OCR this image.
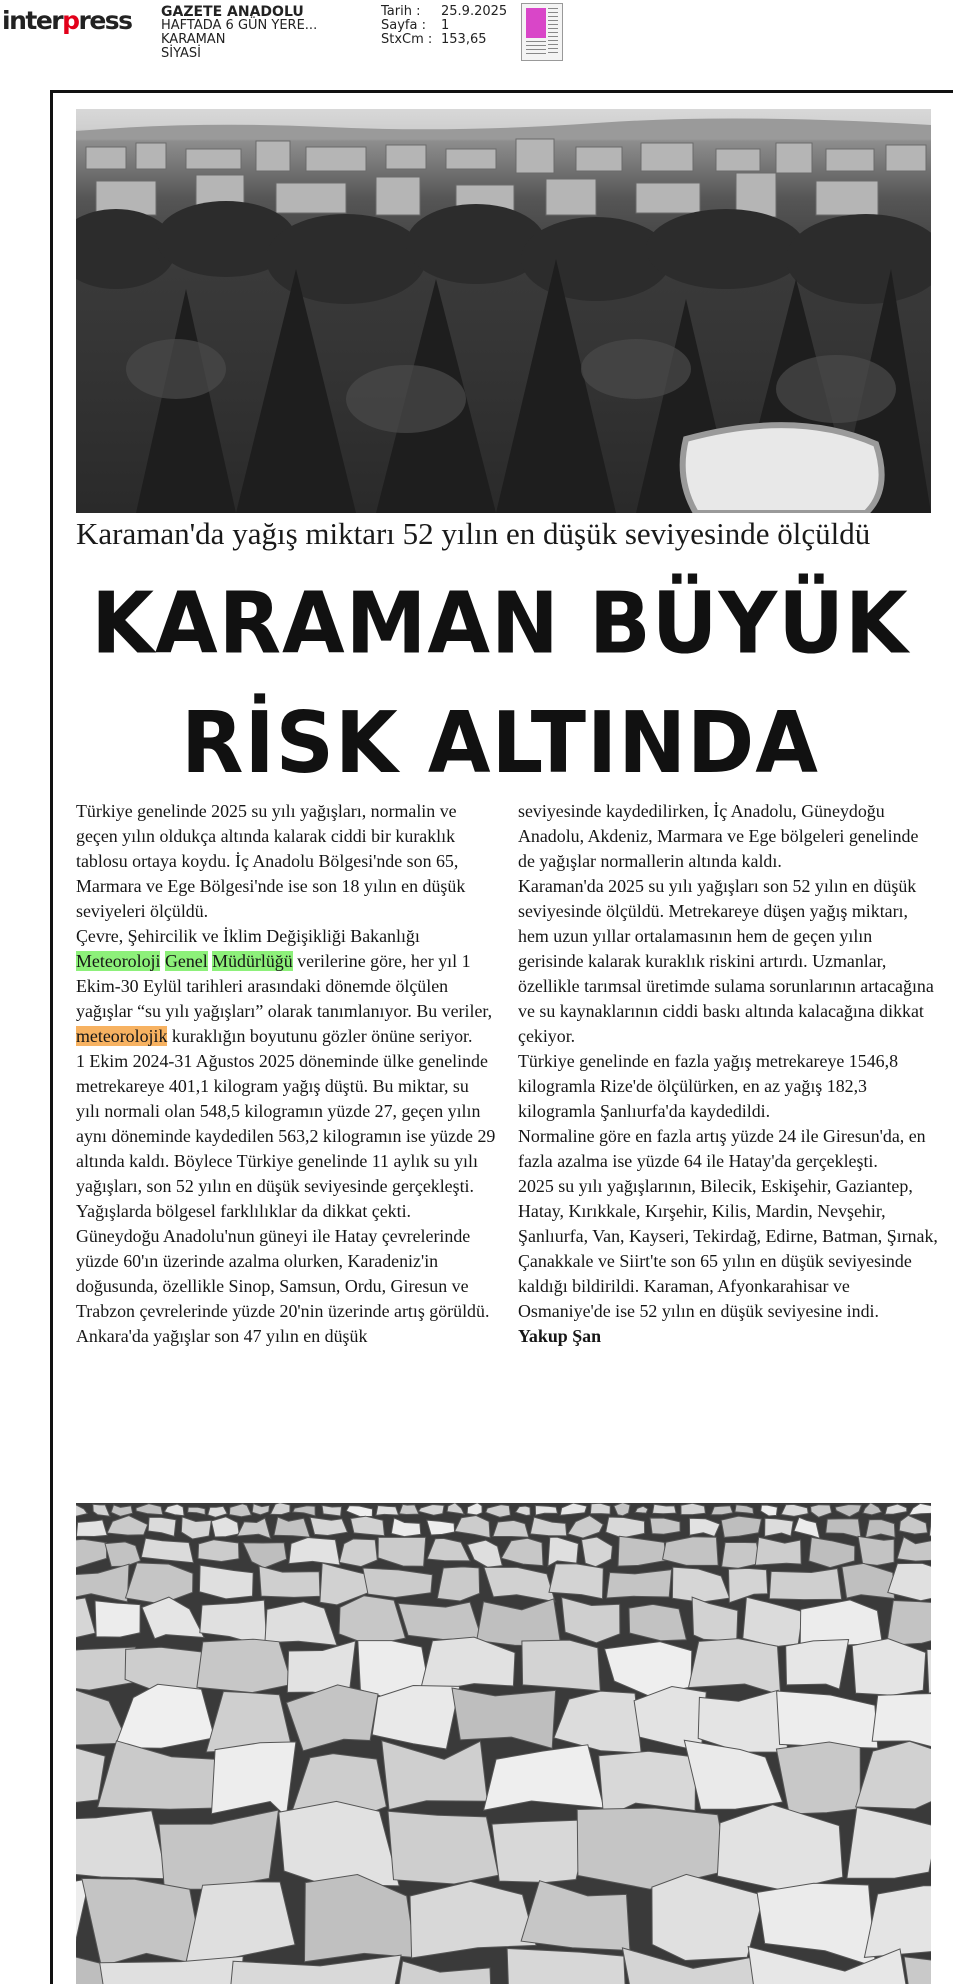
interpress GAZETE ANADOLU
HAFTADA 6 GÜN YERE...
KARAMAN
SİYASİ
Tarih : 25.9.2025
Sayfa : 1
StxCm : 153,65
Karaman'da yağış miktarı 52 yılın en düşük seviyesinde ölçüldü
KARAMAN BÜYÜK
RİSK ALTINDA

Türkiye genelinde 2025 su yılı yağışları, normalin ve geçen yılın oldukça altında kalarak ciddi bir kuraklık tablosu ortaya koydu. İç Anadolu Bölgesi'nde son 65, Marmara ve Ege Bölgesi'nde ise son 18 yılın en düşük seviyeleri ölçüldü.

Çevre, Şehircilik ve İklim Değişikliği Bakanlığı Meteoroloji Genel Müdürlüğü verilerine göre, her yıl 1 Ekim-30 Eylül tarihleri arasındaki dönemde ölçülen yağışlar “su yılı yağışları” olarak tanımlanıyor. Bu veriler, meteorolojik kuraklığın boyutunu gözler önüne seriyor.

1 Ekim 2024-31 Ağustos 2025 döneminde ülke genelinde metrekareye 401,1 kilogram yağış düştü. Bu miktar, su yılı normali olan 548,5 kilogramın yüzde 27, geçen yılın aynı döneminde kaydedilen 563,2 kilogramın ise yüzde 29 altında kaldı. Böylece Türkiye genelinde 11 aylık su yılı yağışları, son 52 yılın en düşük seviyesinde gerçekleşti.

Yağışlarda bölgesel farklılıklar da dikkat çekti. Güneydoğu Anadolu'nun güneyi ile Hatay çevrelerinde yüzde 60'ın üzerinde azalma olurken, Karadeniz'in doğusunda, özellikle Sinop, Samsun, Ordu, Giresun ve Trabzon çevrelerinde yüzde 20'nin üzerinde artış görüldü.

Ankara'da yağışlar son 47 yılın en düşük

seviyesinde kaydedilirken, İç Anadolu, Güneydoğu Anadolu, Akdeniz, Marmara ve Ege bölgeleri genelinde de yağışlar normallerin altında kaldı.

Karaman'da 2025 su yılı yağışları son 52 yılın en düşük seviyesinde ölçüldü. Metrekareye düşen yağış miktarı, hem uzun yıllar ortalamasının hem de geçen yılın gerisinde kalarak kuraklık riskini artırdı. Uzmanlar, özellikle tarımsal üretimde sulama sorunlarının artacağına ve su kaynaklarının ciddi baskı altında kalacağına dikkat çekiyor.

Türkiye genelinde en fazla yağış metrekareye 1546,8 kilogramla Rize'de ölçülürken, en az yağış 182,3 kilogramla Şanlıurfa'da kaydedildi.

Normaline göre en fazla artış yüzde 24 ile Giresun'da, en fazla azalma ise yüzde 64 ile Hatay'da gerçekleşti.

2025 su yılı yağışlarının, Bilecik, Eskişehir, Gaziantep, Hatay, Kırıkkale, Kırşehir, Kilis, Mardin, Nevşehir, Şanlıurfa, Van, Kayseri, Tekirdağ, Edirne, Batman, Şırnak, Çanakkale ve Siirt'te son 65 yılın en düşük seviyesinde kaldığı bildirildi. Karaman, Afyonkarahisar ve Osmaniye'de ise 52 yılın en düşük seviyesine indi.

Yakup Şan
